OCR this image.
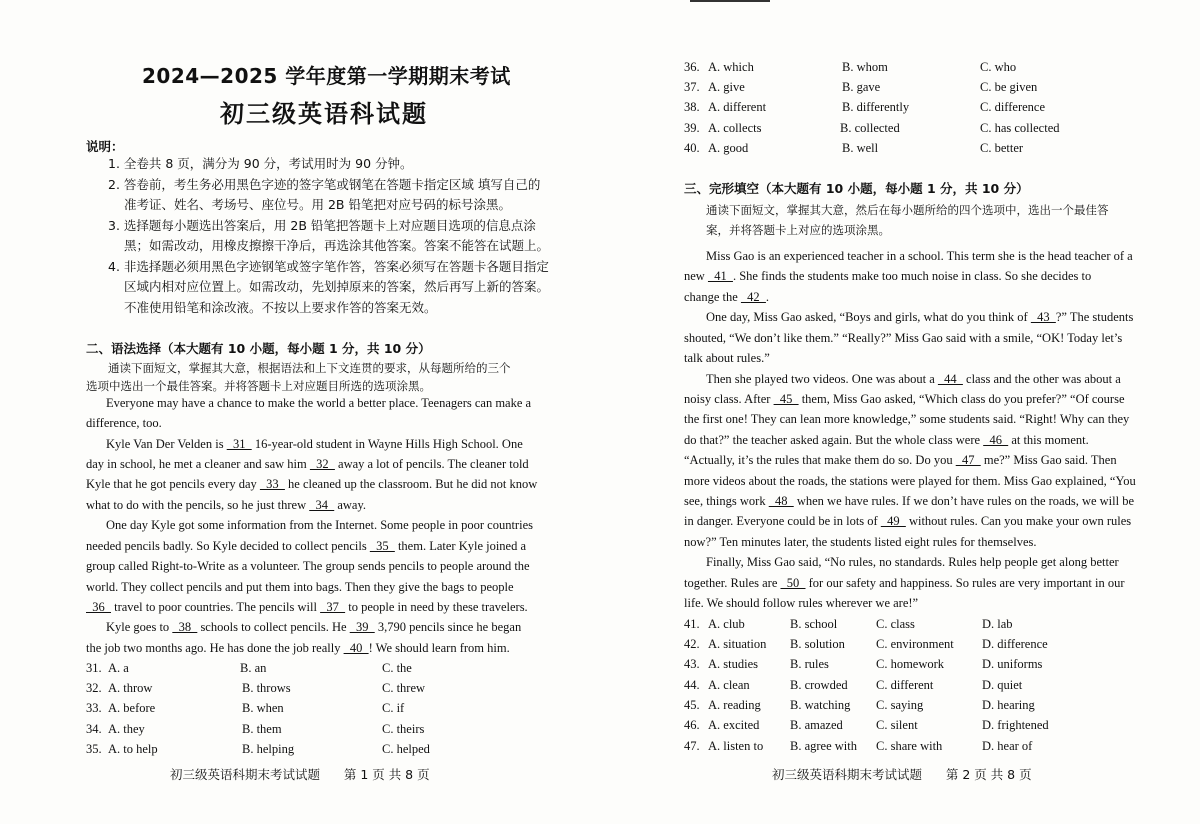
2024—2025 学年度第一学期期末考试
初三级英语科试题
说明：
1. 全卷共 8 页，满分为 90 分，考试用时为 90 分钟。
2. 答卷前，考生务必用黑色字迹的签字笔或钢笔在答题卡指定区域 填写自己的
准考证、姓名、考场号、座位号。用 2B 铅笔把对应号码的标号涂黑。
3. 选择题每小题选出答案后，用 2B 铅笔把答题卡上对应题目选项的信息点涂
黑；如需改动，用橡皮擦擦干净后，再选涂其他答案。答案不能答在试题上。
4. 非选择题必须用黑色字迹钢笔或签字笔作答，答案必须写在答题卡各题目指定
区域内相对应位置上。如需改动，先划掉原来的答案，然后再写上新的答案。
不准使用铅笔和涂改液。不按以上要求作答的答案无效。
二、语法选择（本大题有 10 小题，每小题 1 分，共 10 分）
通读下面短文，掌握其大意，根据语法和上下文连贯的要求，从每题所给的三个
选项中选出一个最佳答案。并将答题卡上对应题目所选的选项涂黑。
Everyone may have a chance to make the world a better place. Teenagers can make a
difference, too.
Kyle Van Der Velden is  31  16-year-old student in Wayne Hills High School. One
day in school, he met a cleaner and saw him  32  away a lot of pencils. The cleaner told
Kyle that he got pencils every day  33  he cleaned up the classroom. But he did not know
what to do with the pencils, so he just threw  34  away.
One day Kyle got some information from the Internet. Some people in poor countries
needed pencils badly. So Kyle decided to collect pencils  35  them. Later Kyle joined a
group called Right-to-Write as a volunteer. The group sends pencils to people around the
world. They collect pencils and put them into bags. Then they give the bags to people
 36  travel to poor countries. The pencils will  37  to people in need by these travelers.
Kyle goes to  38  schools to collect pencils. He  39  3,790 pencils since he began
the job two months ago. He has done the job really  40 ! We should learn from him.
31. A. a	B. an	C. the
32. A. throw	B. throws	C. threw
33. A. before	B. when	C. if
34. A. they	B. them	C. theirs
35. A. to help	B. helping	C. helped
初三级英语科期末考试试题      第 1 页 共 8 页
36. A. which	B. whom	C. who
37. A. give	B. gave	C. be given
38. A. different	B. differently	C. difference
39. A. collects	B. collected	C. has collected
40. A. good	B. well	C. better
三、完形填空（本大题有 10 小题，每小题 1 分，共 10 分）
通读下面短文，掌握其大意，然后在每小题所给的四个选项中，选出一个最佳答
案，并将答题卡上对应的选项涂黑。
Miss Gao is an experienced teacher in a school. This term she is the head teacher of a
new  41 . She finds the students make too much noise in class. So she decides to
change the  42 .
One day, Miss Gao asked, “Boys and girls, what do you think of  43 ?” The students
shouted, “We don’t like them.” “Really?” Miss Gao said with a smile, “OK! Today let’s
talk about rules.”
Then she played two videos. One was about a  44  class and the other was about a
noisy class. After  45  them, Miss Gao asked, “Which class do you prefer?” “Of course
the first one! They can lean more knowledge,” some students said. “Right! Why can they
do that?” the teacher asked again. But the whole class were  46  at this moment.
“Actually, it’s the rules that make them do so. Do you  47  me?” Miss Gao said. Then
more videos about the roads, the stations were played for them. Miss Gao explained, “You
see, things work  48  when we have rules. If we don’t have rules on the roads, we will be
in danger. Everyone could be in lots of  49  without rules. Can you make your own rules
now?” Ten minutes later, the students listed eight rules for themselves.
Finally, Miss Gao said, “No rules, no standards. Rules help people get along better
together. Rules are  50  for our safety and happiness. So rules are very important in our
life. We should follow rules wherever we are!”
41. A. club	B. school	C. class	D. lab
42. A. situation B. solution C. environment D. difference
43. A. studies	B. rules	C. homework	D. uniforms
44. A. clean	B. crowded C. different	D. quiet
45. A. reading B. watching C. saying	D. hearing
46. A. excited B. amazed	C. silent	D. frightened
47. A. listen to B. agree with C. share with	D. hear of
初三级英语科期末考试试题      第 2 页 共 8 页
